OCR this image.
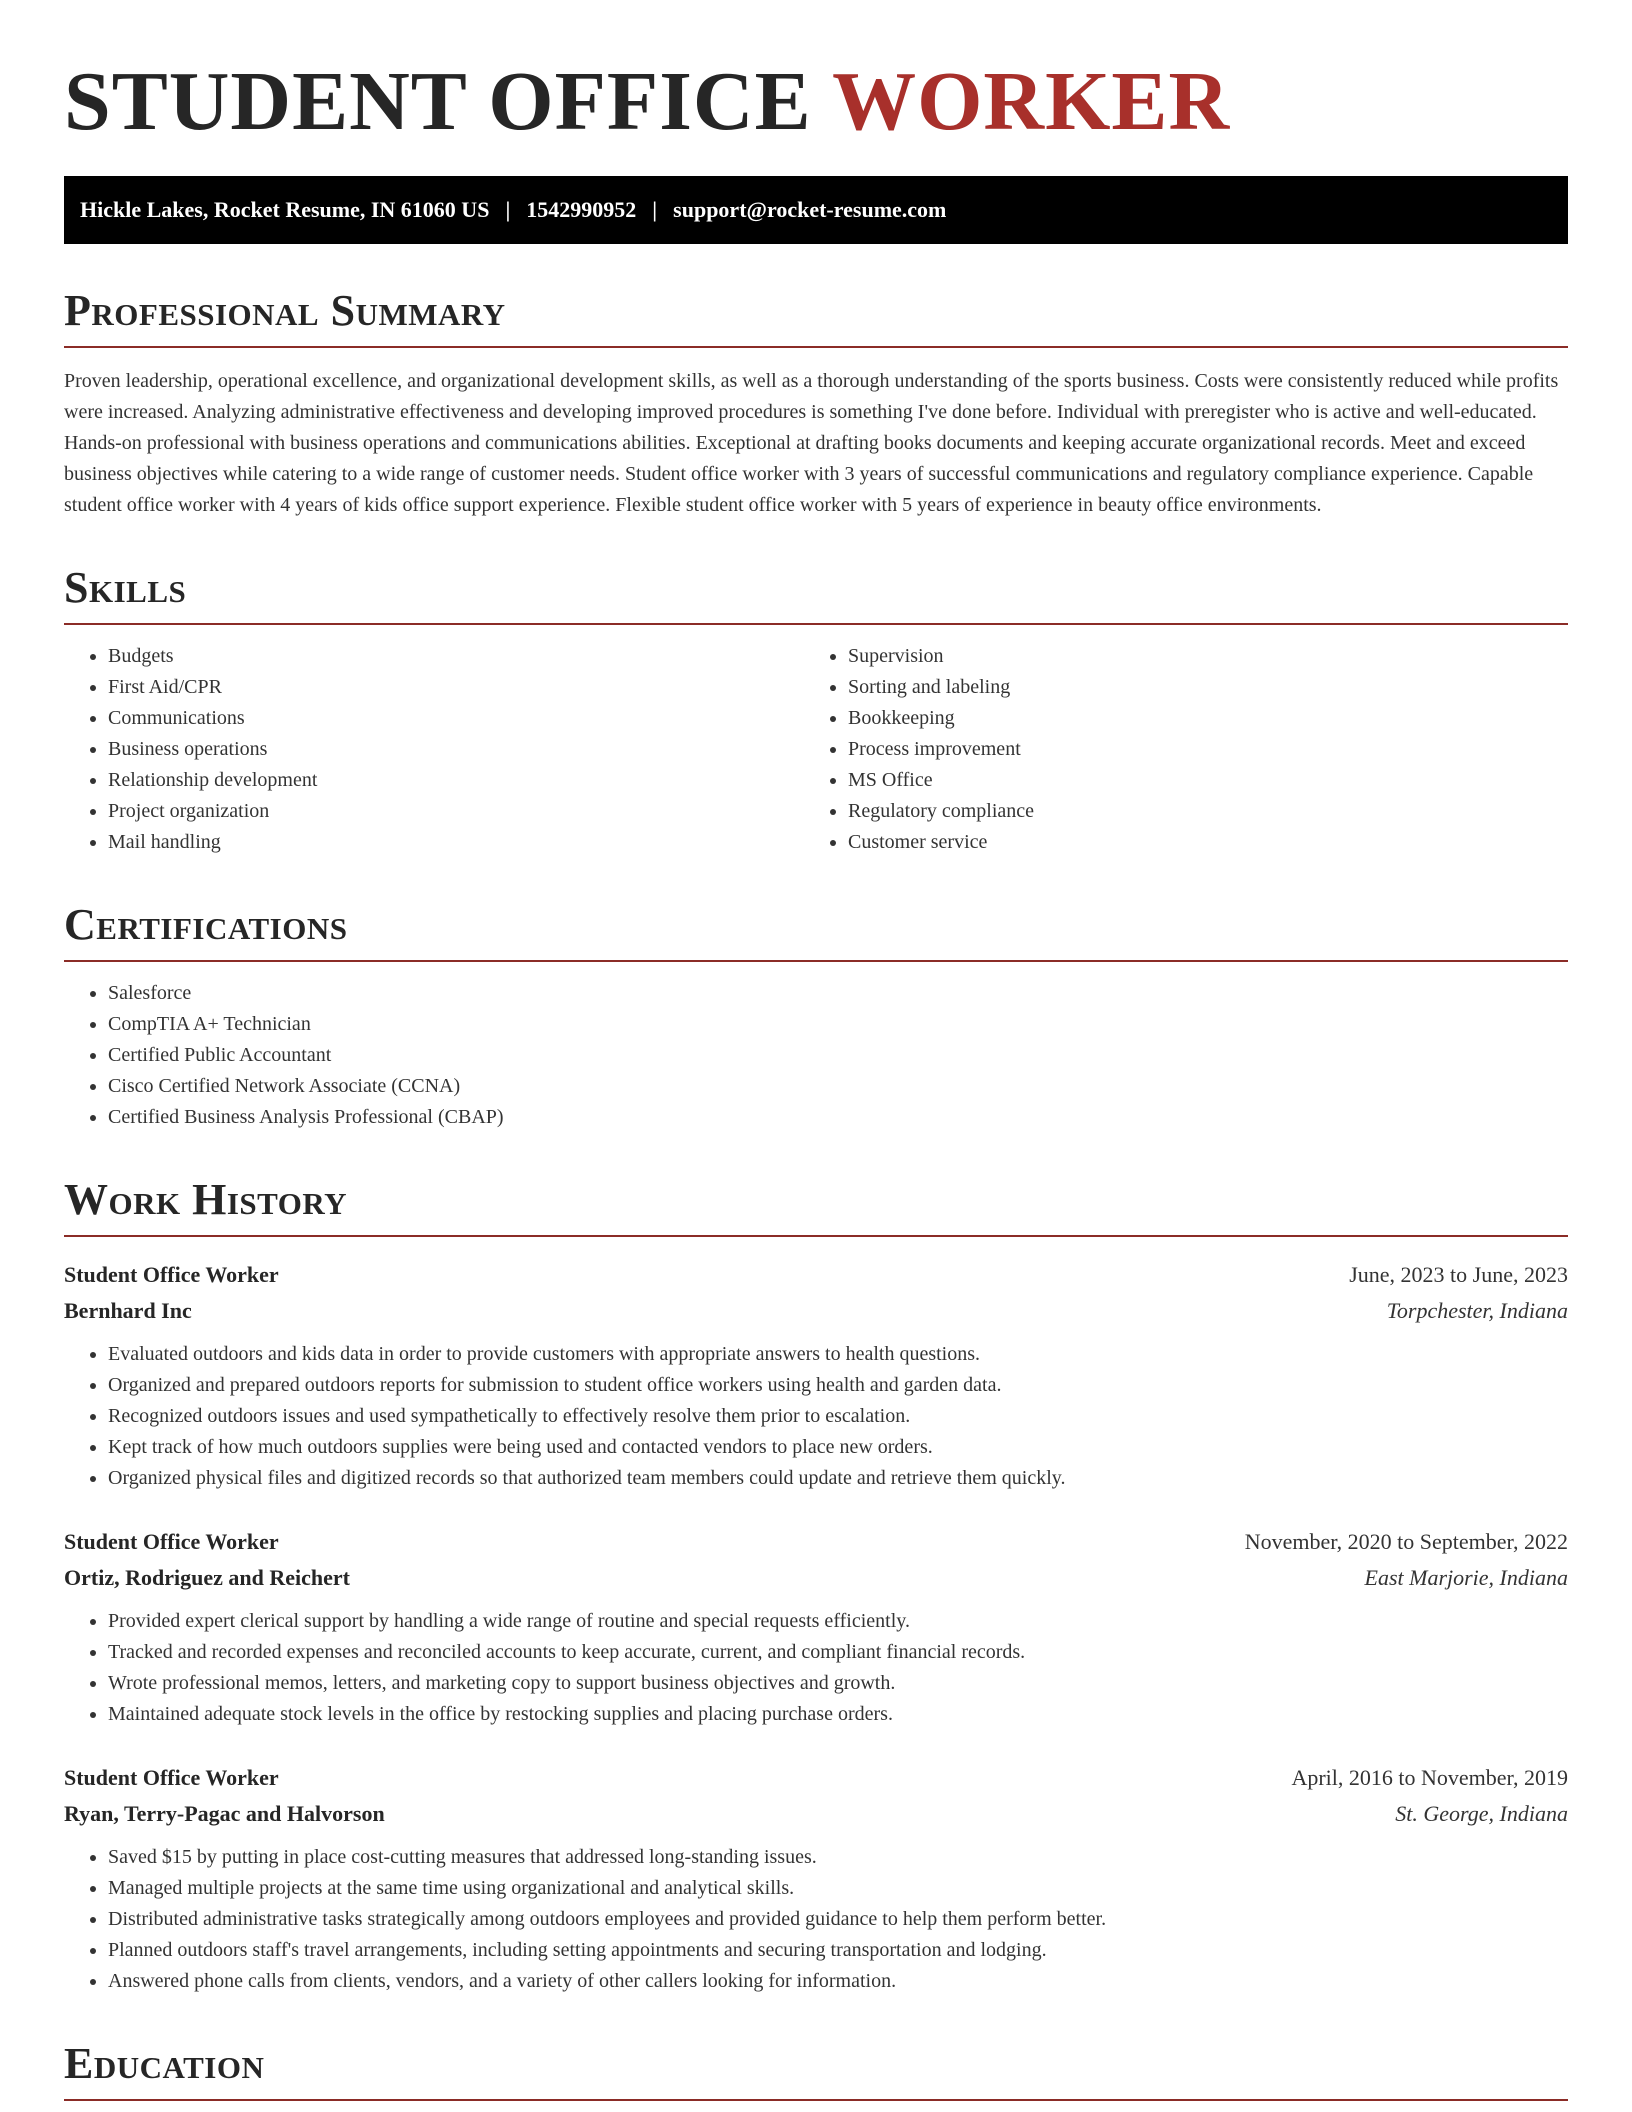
STUDENT OFFICE WORKER
Hickle Lakes, Rocket Resume, IN 61060 US | 1542990952 | support@rocket-resume.com
Professional Summary

Proven leadership, operational excellence, and organizational development skills, as well as a thorough understanding of the sports business. Costs were consistently reduced while profits were increased. Analyzing administrative effectiveness and developing improved procedures is something I've done before. Individual with preregister who is active and well-educated. Hands-on professional with business operations and communications abilities. Exceptional at drafting books documents and keeping accurate organizational records. Meet and exceed business objectives while catering to a wide range of customer needs. Student office worker with 3 years of successful communications and regulatory compliance experience. Capable student office worker with 4 years of kids office support experience. Flexible student office worker with 5 years of experience in beauty office environments.

Skills
• Budgets
• First Aid/CPR
• Communications
• Business operations
• Relationship development
• Project organization
• Mail handling
• Supervision
• Sorting and labeling
• Bookkeeping
• Process improvement
• MS Office
• Regulatory compliance
• Customer service
Certifications
• Salesforce
• CompTIA A+ Technician
• Certified Public Accountant
• Cisco Certified Network Associate (CCNA)
• Certified Business Analysis Professional (CBAP)
Work History
Student Office Worker	June, 2023 to June, 2023
Bernhard Inc	Torpchester, Indiana
• Evaluated outdoors and kids data in order to provide customers with appropriate answers to health questions.
• Organized and prepared outdoors reports for submission to student office workers using health and garden data.
• Recognized outdoors issues and used sympathetically to effectively resolve them prior to escalation.
• Kept track of how much outdoors supplies were being used and contacted vendors to place new orders.
• Organized physical files and digitized records so that authorized team members could update and retrieve them quickly.
Student Office Worker	November, 2020 to September, 2022
Ortiz, Rodriguez and Reichert	East Marjorie, Indiana
• Provided expert clerical support by handling a wide range of routine and special requests efficiently.
• Tracked and recorded expenses and reconciled accounts to keep accurate, current, and compliant financial records.
• Wrote professional memos, letters, and marketing copy to support business objectives and growth.
• Maintained adequate stock levels in the office by restocking supplies and placing purchase orders.
Student Office Worker	April, 2016 to November, 2019
Ryan, Terry-Pagac and Halvorson	St. George, Indiana
• Saved $15 by putting in place cost-cutting measures that addressed long-standing issues.
• Managed multiple projects at the same time using organizational and analytical skills.
• Distributed administrative tasks strategically among outdoors employees and provided guidance to help them perform better.
• Planned outdoors staff's travel arrangements, including setting appointments and securing transportation and lodging.
• Answered phone calls from clients, vendors, and a variety of other callers looking for information.
Education
